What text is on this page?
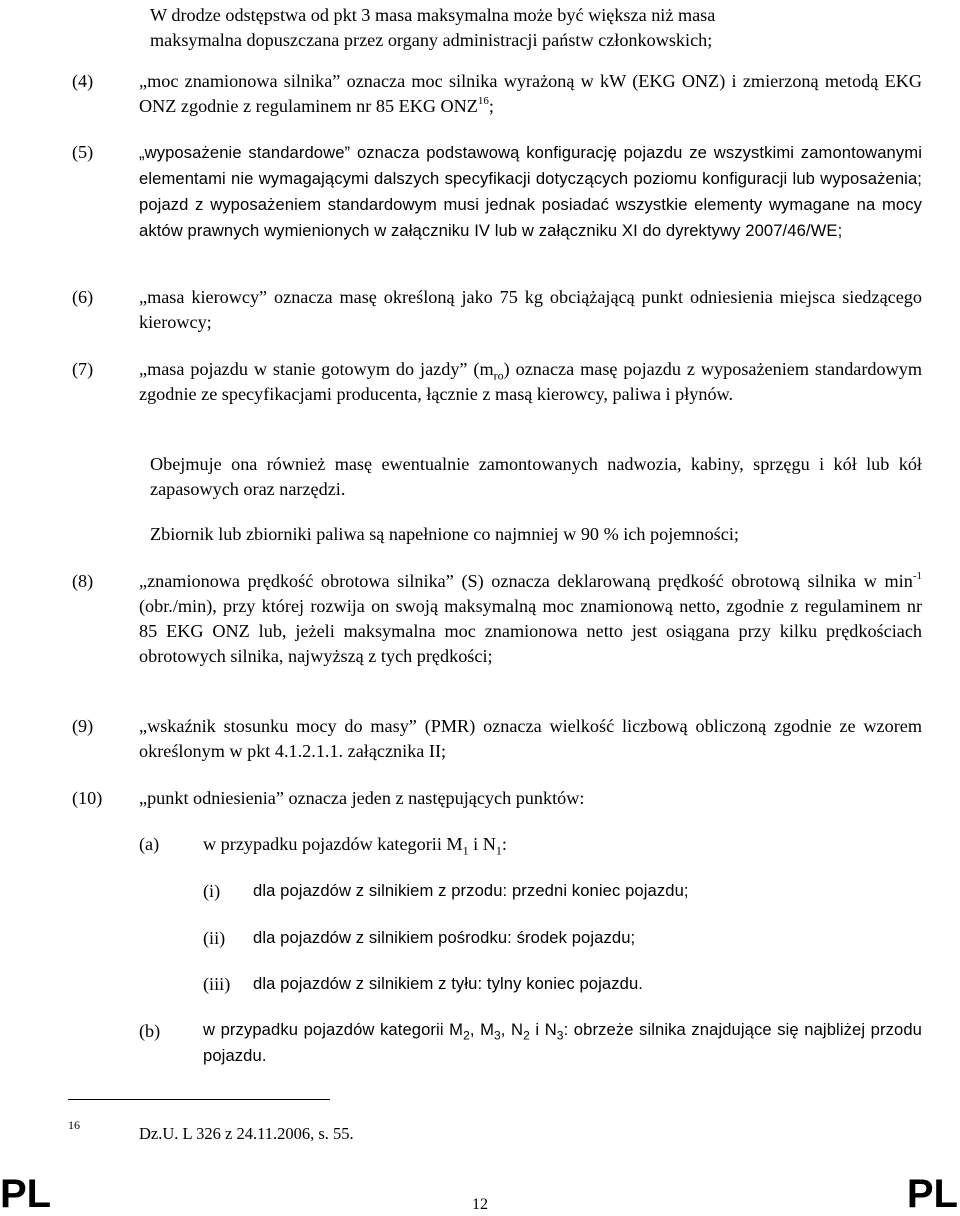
W drodze odstępstwa od pkt 3 masa maksymalna może być większa niż masa
maksymalna dopuszczana przez organy administracji państw członkowskich;
(4)	„moc znamionowa silnika” oznacza moc silnika wyrażoną w kW (EKG ONZ) i zmierzoną metodą EKG ONZ zgodnie z regulaminem nr 85 EKG ONZ$^{16}$;
(5)	„wyposażenie standardowe” oznacza podstawową konfigurację pojazdu ze wszystkimi zamontowanymi elementami nie wymagającymi dalszych specyfikacji dotyczących poziomu konfiguracji lub wyposażenia; pojazd z wyposażeniem standardowym musi jednak posiadać wszystkie elementy wymagane na mocy aktów prawnych wymienionych w załączniku IV lub w załączniku XI do dyrektywy 2007/46/WE;
(6)	„masa kierowcy” oznacza masę określoną jako 75 kg obciążającą punkt odniesienia miejsca siedzącego kierowcy;
(7)	„masa pojazdu w stanie gotowym do jazdy” $(m_{ro})$ oznacza masę pojazdu z wyposażeniem standardowym zgodnie ze specyfikacjami producenta, łącznie z masą kierowcy, paliwa i płynów.
Obejmuje ona również masę ewentualnie zamontowanych nadwozia, kabiny, sprzęgu i kół lub kół zapasowych oraz narzędzi.
Zbiornik lub zbiorniki paliwa są napełnione co najmniej w 90 % ich pojemności;
(8)	„znamionowa prędkość obrotowa silnika” (S) oznacza deklarowaną prędkość obrotową silnika w $\min^{-1} (obr./\min)$, przy której rozwija on swoją maksymalną moc znamionową netto, zgodnie z regulaminem nr 85 EKG ONZ lub, jeżeli maksymalna moc znamionowa netto jest osiągana przy kilku prędkościach obrotowych silnika, najwyższą z tych prędkości;
(9)	„wskaźnik stosunku mocy do masy” (PMR) oznacza wielkość liczbową obliczoną zgodnie ze wzorem określonym w pkt 4.1.2.1.1. załącznika II;
(10) „punkt odniesienia” oznacza jeden z następujących punktów:
(a) w przypadku pojazdów kategorii $M_1$ i $N_1$:
(i) dla pojazdów z silnikiem z przodu: przedni koniec pojazdu;
(ii) dla pojazdów z silnikiem pośrodku: środek pojazdu;
(iii) dla pojazdów z silnikiem z tyłu: tylny koniec pojazdu.
(b)	w przypadku pojazdów kategorii $M_2$, $M_3$, $N_2$ i $N_3$: obrzeże silnika znajdujące się najbliżej przodu pojazdu.
16	Dz.U. L 326 z 24.11.2006, s. 55.
PL	12	PL
